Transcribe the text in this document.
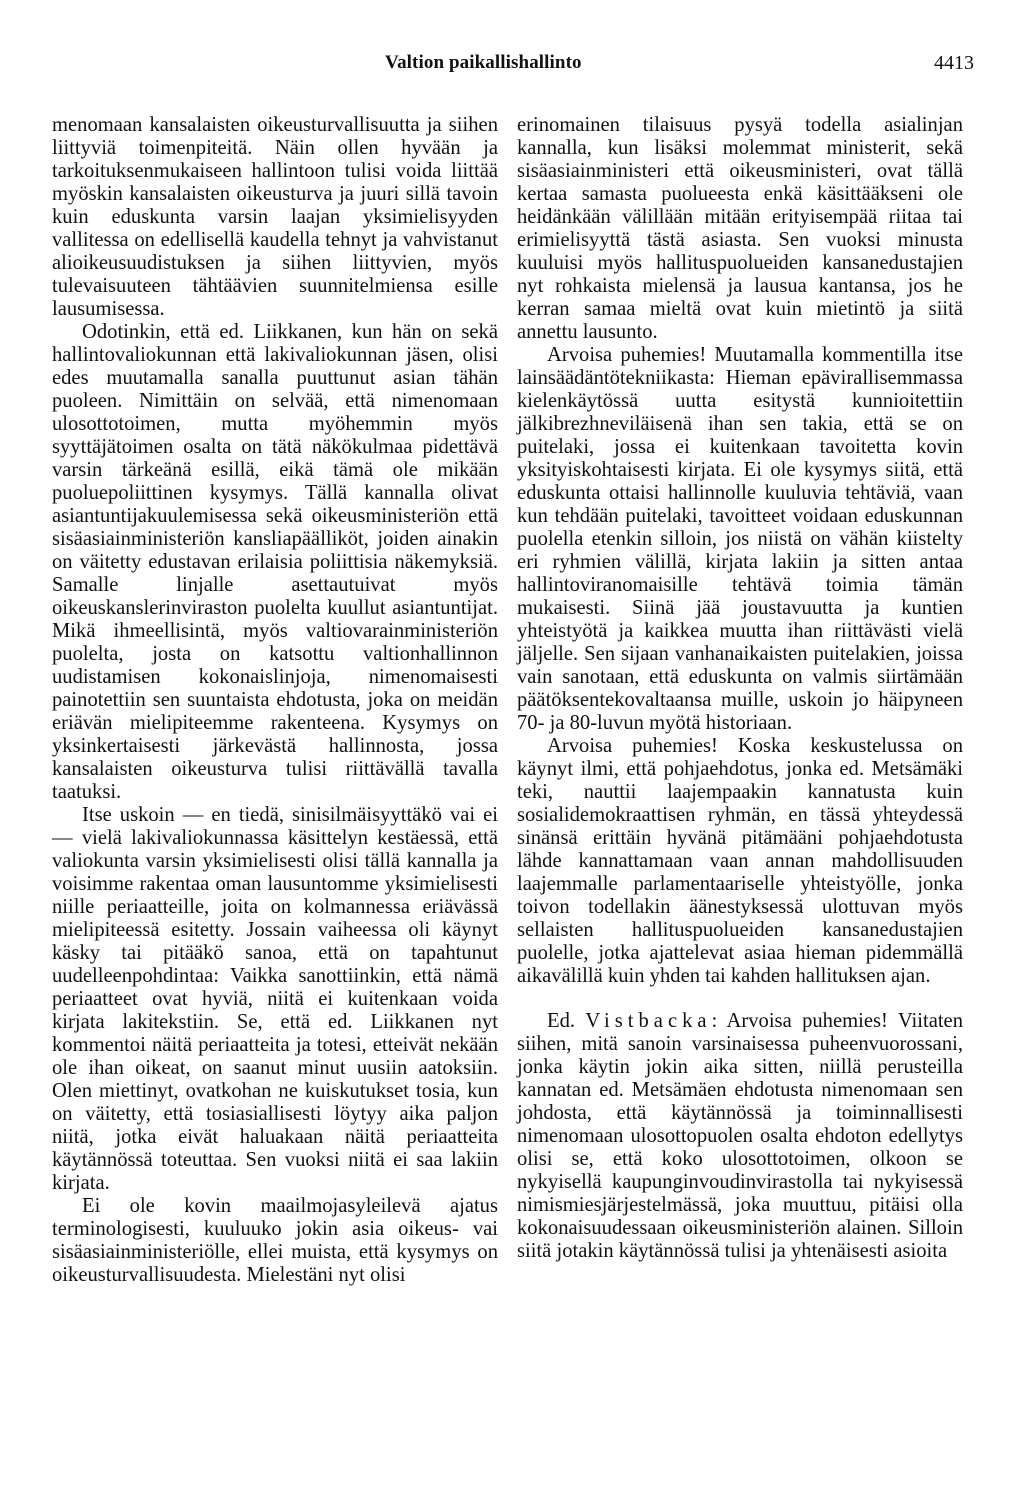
Valtion paikallishallinto	4413

menomaan kansalaisten oikeusturvallisuutta ja siihen liittyviä toimenpiteitä. Näin ollen hyvään ja tarkoituksenmukaiseen hallintoon tulisi voida liittää myöskin kansalaisten oikeusturva ja juuri sillä tavoin kuin eduskunta varsin laajan yksimielisyyden vallitessa on edellisellä kaudella tehnyt ja vahvistanut alioikeusuudistuksen ja siihen liittyvien, myös tulevaisuuteen tähtäävien suunnitelmiensa esille lausumisessa.

Odotinkin, että ed. Liikkanen, kun hän on sekä hallintovaliokunnan että lakivaliokunnan jäsen, olisi edes muutamalla sanalla puuttunut asian tähän puoleen. Nimittäin on selvää, että nimenomaan ulosottotoimen, mutta myöhemmin myös syyttäjätoimen osalta on tätä näkökulmaa pidettävä varsin tärkeänä esillä, eikä tämä ole mikään puoluepoliittinen kysymys. Tällä kannalla olivat asiantuntijakuulemisessa sekä oikeusministeriön että sisäasiainministeriön kansliapäälliköt, joiden ainakin on väitetty edustavan erilaisia poliittisia näkemyksiä. Samalle linjalle asettautuivat myös oikeuskanslerinviraston puolelta kuullut asiantuntijat. Mikä ihmeellisintä, myös valtiovarainministeriön puolelta, josta on katsottu valtionhallinnon uudistamisen kokonaislinjoja, nimenomaisesti painotettiin sen suuntaista ehdotusta, joka on meidän eriävän mielipiteemme rakenteena. Kysymys on yksinkertaisesti järkevästä hallinnosta, jossa kansalaisten oikeusturva tulisi riittävällä tavalla taatuksi.

Itse uskoin — en tiedä, sinisilmäisyyttäkö vai ei — vielä lakivaliokunnassa käsittelyn kestäessä, että valiokunta varsin yksimielisesti olisi tällä kannalla ja voisimme rakentaa oman lausuntomme yksimielisesti niille periaatteille, joita on kolmannessa eriävässä mielipiteessä esitetty. Jossain vaiheessa oli käynyt käsky tai pitääkö sanoa, että on tapahtunut uudelleenpohdintaa: Vaikka sanottiinkin, että nämä periaatteet ovat hyviä, niitä ei kuitenkaan voida kirjata lakitekstiin. Se, että ed. Liikkanen nyt kommentoi näitä periaatteita ja totesi, etteivät nekään ole ihan oikeat, on saanut minut uusiin aatoksiin. Olen miettinyt, ovatkohan ne kuiskutukset tosia, kun on väitetty, että tosiasiallisesti löytyy aika paljon niitä, jotka eivät haluakaan näitä periaatteita käytännössä toteuttaa. Sen vuoksi niitä ei saa lakiin kirjata.

Ei ole kovin maailmojasyleilevä ajatus terminologisesti, kuuluuko jokin asia oikeus- vai sisäasiainministeriölle, ellei muista, että kysymys on oikeusturvallisuudesta. Mielestäni nyt olisi

erinomainen tilaisuus pysyä todella asialinjan kannalla, kun lisäksi molemmat ministerit, sekä sisäasiainministeri että oikeusministeri, ovat tällä kertaa samasta puolueesta enkä käsittääkseni ole heidänkään välillään mitään erityisempää riitaa tai erimielisyyttä tästä asiasta. Sen vuoksi minusta kuuluisi myös hallituspuolueiden kansanedustajien nyt rohkaista mielensä ja lausua kantansa, jos he kerran samaa mieltä ovat kuin mietintö ja siitä annettu lausunto.

Arvoisa puhemies! Muutamalla kommentilla itse lainsäädäntötekniikasta: Hieman epävirallisemmassa kielenkäytössä uutta esitystä kunnioitettiin jälkibrezhneviläisenä ihan sen takia, että se on puitelaki, jossa ei kuitenkaan tavoitetta kovin yksityiskohtaisesti kirjata. Ei ole kysymys siitä, että eduskunta ottaisi hallinnolle kuuluvia tehtäviä, vaan kun tehdään puitelaki, tavoitteet voidaan eduskunnan puolella etenkin silloin, jos niistä on vähän kiistelty eri ryhmien välillä, kirjata lakiin ja sitten antaa hallintoviranomaisille tehtävä toimia tämän mukaisesti. Siinä jää joustavuutta ja kuntien yhteistyötä ja kaikkea muutta ihan riittävästi vielä jäljelle. Sen sijaan vanhanaikaisten puitelakien, joissa vain sanotaan, että eduskunta on valmis siirtämään päätöksentekovaltaansa muille, uskoin jo häipyneen 70- ja 80-luvun myötä historiaan.

Arvoisa puhemies! Koska keskustelussa on käynyt ilmi, että pohjaehdotus, jonka ed. Metsämäki teki, nauttii laajempaakin kannatusta kuin sosialidemokraattisen ryhmän, en tässä yhteydessä sinänsä erittäin hyvänä pitämääni pohjaehdotusta lähde kannattamaan vaan annan mahdollisuuden laajemmalle parlamentaariselle yhteistyölle, jonka toivon todellakin äänestyksessä ulottuvan myös sellaisten hallituspuolueiden kansanedustajien puolelle, jotka ajattelevat asiaa hieman pidemmällä aikavälillä kuin yhden tai kahden hallituksen ajan.

Ed. Vistbacka: Arvoisa puhemies! Viitaten siihen, mitä sanoin varsinaisessa puheenvuorossani, jonka käytin jokin aika sitten, niillä perusteilla kannatan ed. Metsämäen ehdotusta nimenomaan sen johdosta, että käytännössä ja toiminnallisesti nimenomaan ulosottopuolen osalta ehdoton edellytys olisi se, että koko ulosottotoimen, olkoon se nykyisellä kaupunginvoudinvirastolla tai nykyisessä nimismiesjärjestelmässä, joka muuttuu, pitäisi olla kokonaisuudessaan oikeusministeriön alainen. Silloin siitä jotakin käytännössä tulisi ja yhtenäisesti asioita
